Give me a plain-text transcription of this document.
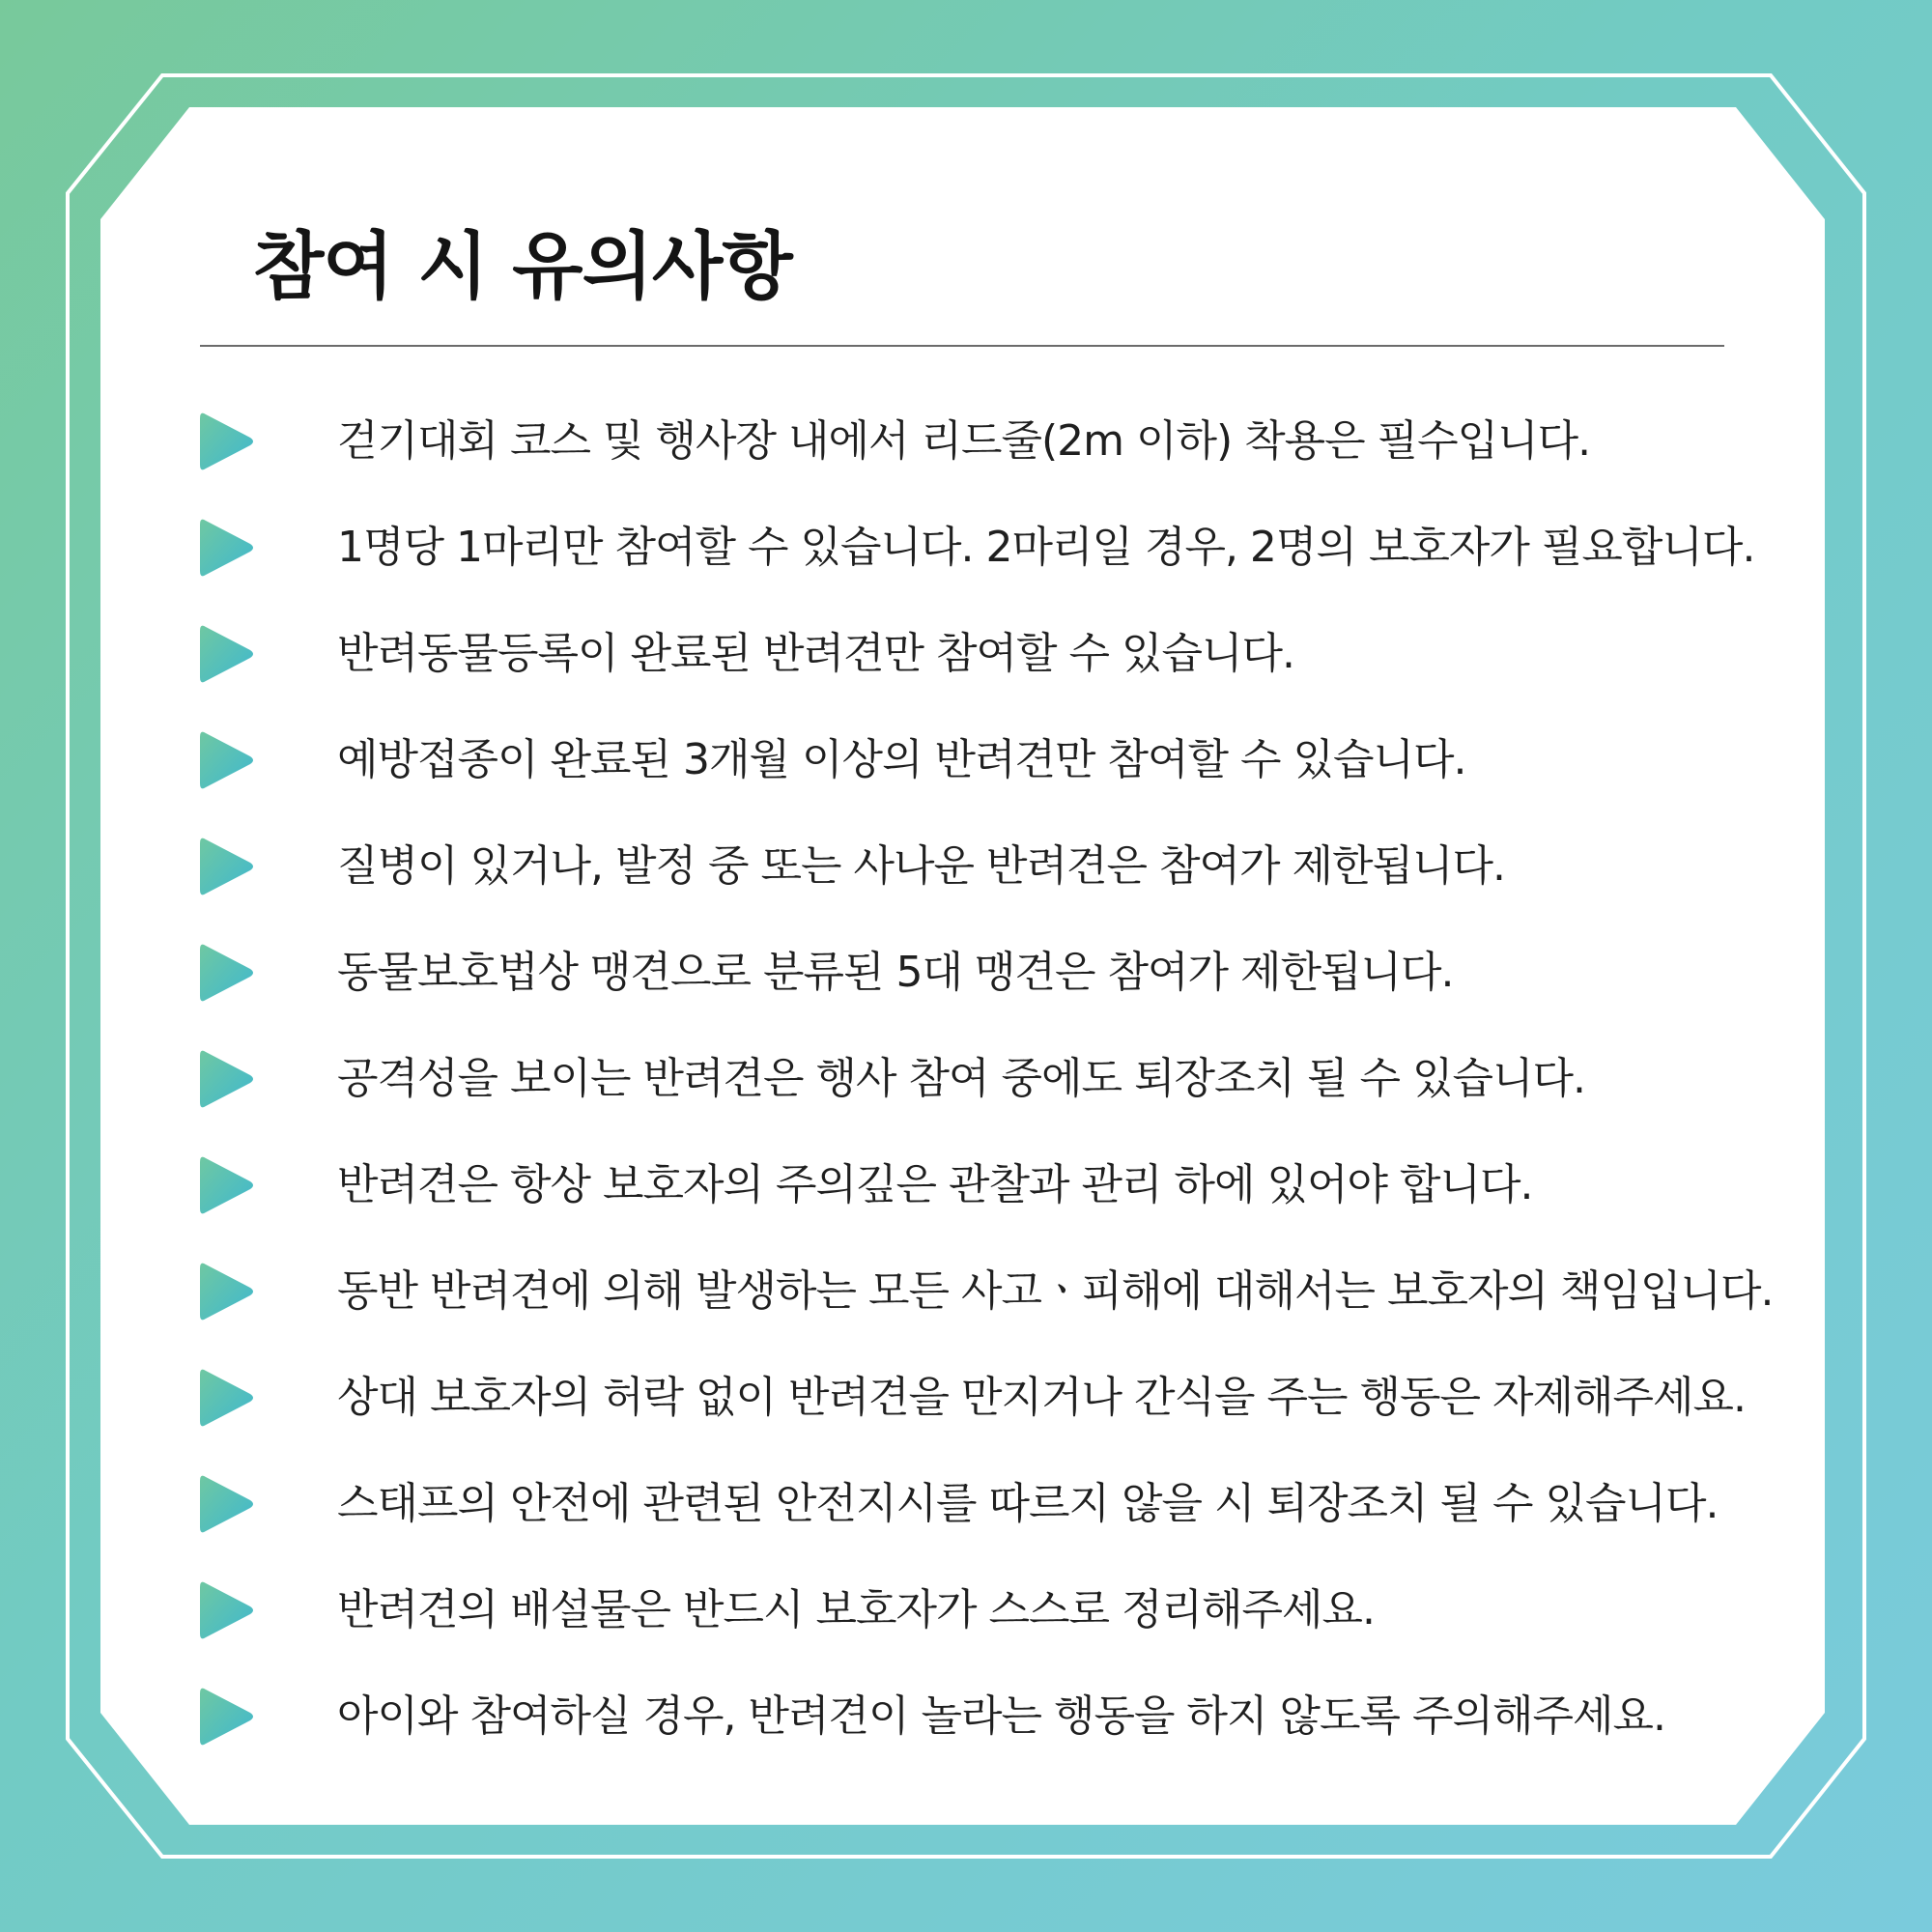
참여 시 유의사항
걷기대회 코스 및 행사장 내에서 리드줄(2m 이하) 착용은 필수입니다.
1명당 1마리만 참여할 수 있습니다. 2마리일 경우, 2명의 보호자가 필요합니다.
반려동물등록이 완료된 반려견만 참여할 수 있습니다.
예방접종이 완료된 3개월 이상의 반려견만 참여할 수 있습니다.
질병이 있거나, 발정 중 또는 사나운 반려견은 참여가 제한됩니다.
동물보호법상 맹견으로 분류된 5대 맹견은 참여가 제한됩니다.
공격성을 보이는 반려견은 행사 참여 중에도 퇴장조치 될 수 있습니다.
반려견은 항상 보호자의 주의깊은 관찰과 관리 하에 있어야 합니다.
동반 반려견에 의해 발생하는 모든 사고ㆍ피해에 대해서는 보호자의 책임입니다.
상대 보호자의 허락 없이 반려견을 만지거나 간식을 주는 행동은 자제해주세요.
스태프의 안전에 관련된 안전지시를 따르지 않을 시 퇴장조치 될 수 있습니다.
반려견의 배설물은 반드시 보호자가 스스로 정리해주세요.
아이와 참여하실 경우, 반려견이 놀라는 행동을 하지 않도록 주의해주세요.
